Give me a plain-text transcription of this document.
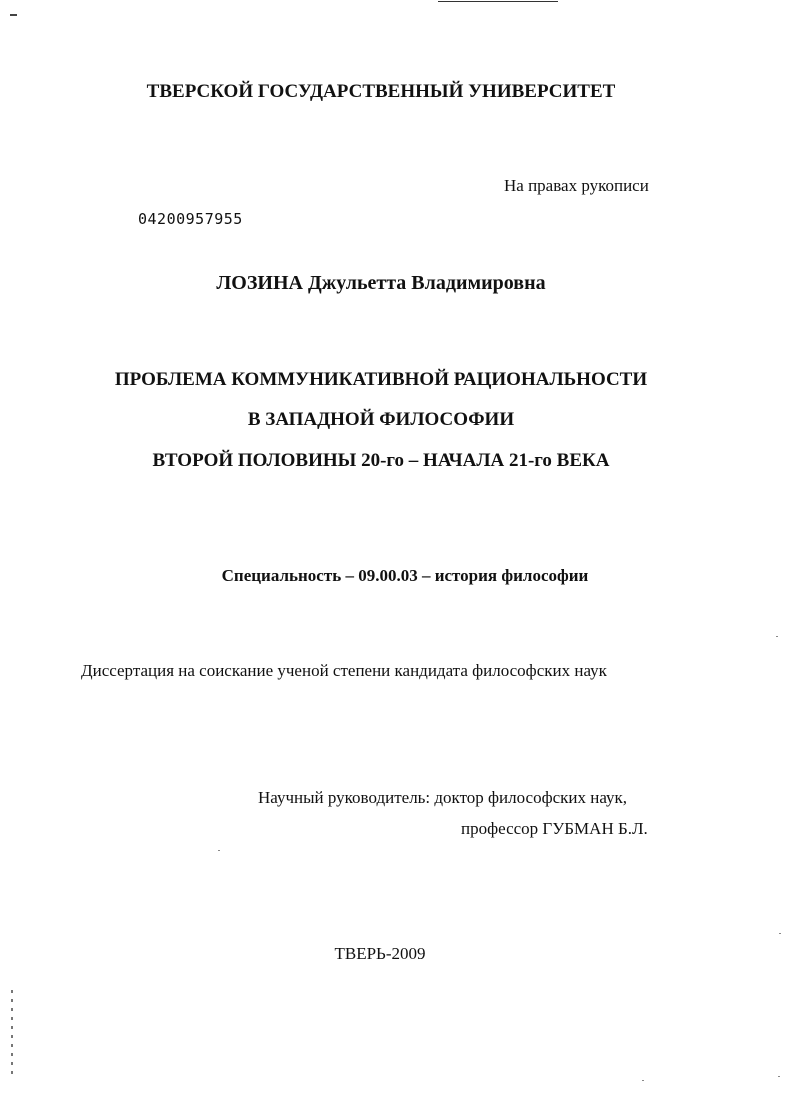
ТВЕРСКОЙ ГОСУДАРСТВЕННЫЙ УНИВЕРСИТЕТ
На правах рукописи
04200957955
ЛОЗИНА Джульетта Владимировна
ПРОБЛЕМА КОММУНИКАТИВНОЙ РАЦИОНАЛЬНОСТИ
В ЗАПАДНОЙ ФИЛОСОФИИ
ВТОРОЙ ПОЛОВИНЫ 20-го – НАЧАЛА 21-го ВЕКА
Специальность – 09.00.03 – история философии
Диссертация на соискание ученой степени кандидата философских наук
Научный руководитель: доктор философских наук,
профессор ГУБМАН Б.Л.
ТВЕРЬ-2009
